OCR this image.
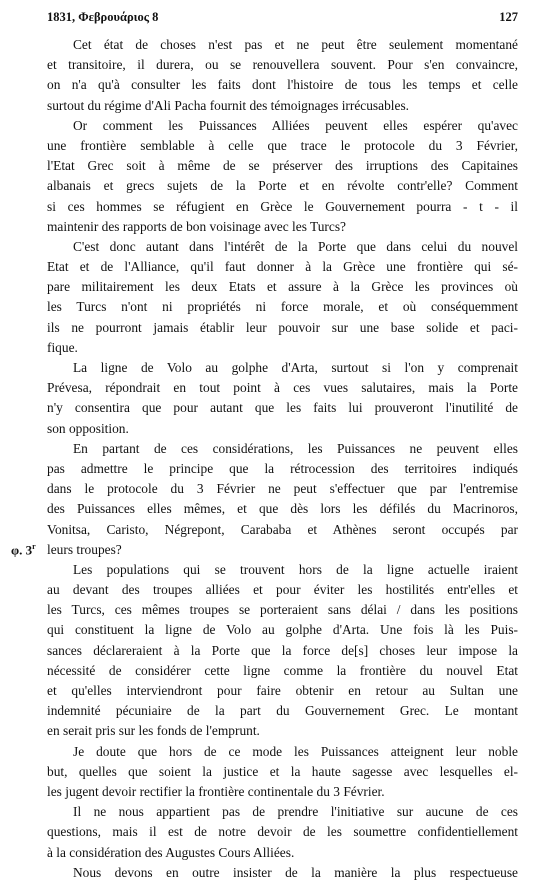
1831, Φεβρουάριος 8	127
φ. 3$^r$
Cet état de choses n'est pas et ne peut être seulement momentané
et transitoire, il durera, ou se renouvellera souvent. Pour s'en convaincre,
on n'a qu'à consulter les faits dont l'histoire de tous les temps et celle
surtout du régime d'Ali Pacha fournit des témoignages irrécusables.
Or comment les Puissances Alliées peuvent elles espérer qu'avec
une frontière semblable à celle que trace le protocole du 3 Février,
l'Etat Grec soit à même de se préserver des irruptions des Capitaines
albanais et grecs sujets de la Porte et en révolte contr'elle? Comment
si ces hommes se réfugient en Grèce le Gouvernement pourra - t - il
maintenir des rapports de bon voisinage avec les Turcs?
C'est donc autant dans l'intérêt de la Porte que dans celui du nouvel
Etat et de l'Alliance, qu'il faut donner à la Grèce une frontière qui sé-
pare militairement les deux Etats et assure à la Grèce les provinces où
les Turcs n'ont ni propriétés ni force morale, et où conséquemment
ils ne pourront jamais établir leur pouvoir sur une base solide et paci-
fique.
La ligne de Volo au golphe d'Arta, surtout si l'on y comprenait
Prévesa, répondrait en tout point à ces vues salutaires, mais la Porte
n'y consentira que pour autant que les faits lui prouveront l'inutilité de
son opposition.
En partant de ces considérations, les Puissances ne peuvent elles
pas admettre le principe que la rétrocession des territoires indiqués
dans le protocole du 3 Février ne peut s'effectuer que par l'entremise
des Puissances elles mêmes, et que dès lors les défilés du Macrinoros,
Vonitsa, Caristo, Négrepont, Carababa et Athènes seront occupés par
leurs troupes?
Les populations qui se trouvent hors de la ligne actuelle iraient
au devant des troupes alliées et pour éviter les hostilités entr'elles et
les Turcs, ces mêmes troupes se porteraient sans délai / dans les positions
qui constituent la ligne de Volo au golphe d'Arta. Une fois là les Puis-
sances déclareraient à la Porte que la force de[s] choses leur impose la
nécessité de considérer cette ligne comme la frontière du nouvel Etat
et qu'elles interviendront pour faire obtenir en retour au Sultan une
indemnité pécuniaire de la part du Gouvernement Grec. Le montant
en serait pris sur les fonds de l'emprunt.
Je doute que hors de ce mode les Puissances atteignent leur noble
but, quelles que soient la justice et la haute sagesse avec lesquelles el-
les jugent devoir rectifier la frontière continentale du 3 Février.
Il ne nous appartient pas de prendre l'initiative sur aucune de ces
questions, mais il est de notre devoir de les soumettre confidentiellement
à la considération des Augustes Cours Alliées.
Nous devons en outre insister de la manière la plus respectueuse
